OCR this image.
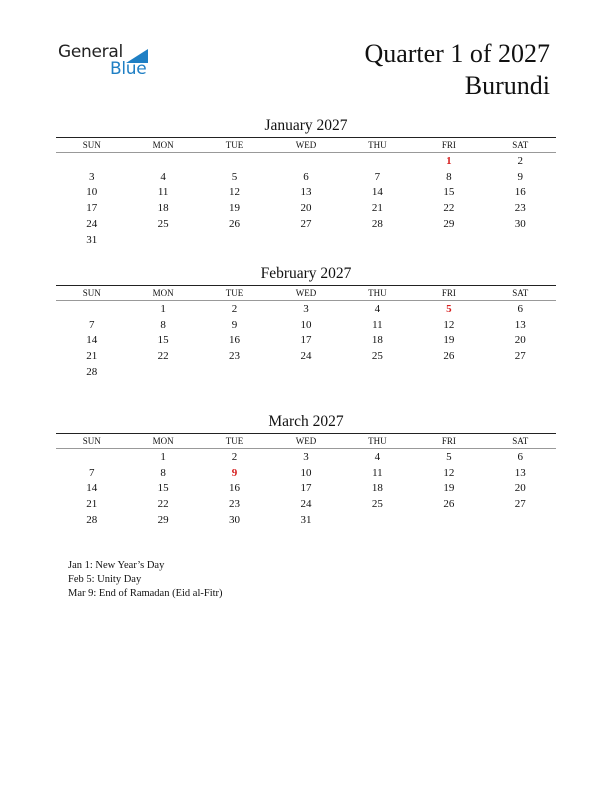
General
Blue
Quarter 1 of 2027
Burundi
January 2027
SUN	MON	TUE	WED	THU	FRI	SAT

					1	2
3	4	5	6	7	8	9
10	11	12	13	14	15	16
17	18	19	20	21	22	23
24	25	26	27	28	29	30
31						
February 2027
SUN	MON	TUE	WED	THU	FRI	SAT

	1	2	3	4	5	6
7	8	9	10	11	12	13
14	15	16	17	18	19	20
21	22	23	24	25	26	27
28						
March 2027
SUN	MON	TUE	WED	THU	FRI	SAT

	1	2	3	4	5	6
7	8	9	10	11	12	13
14	15	16	17	18	19	20
21	22	23	24	25	26	27
28	29	30	31			
Jan 1: New Year’s Day
Feb 5: Unity Day
Mar 9: End of Ramadan (Eid al-Fitr)
